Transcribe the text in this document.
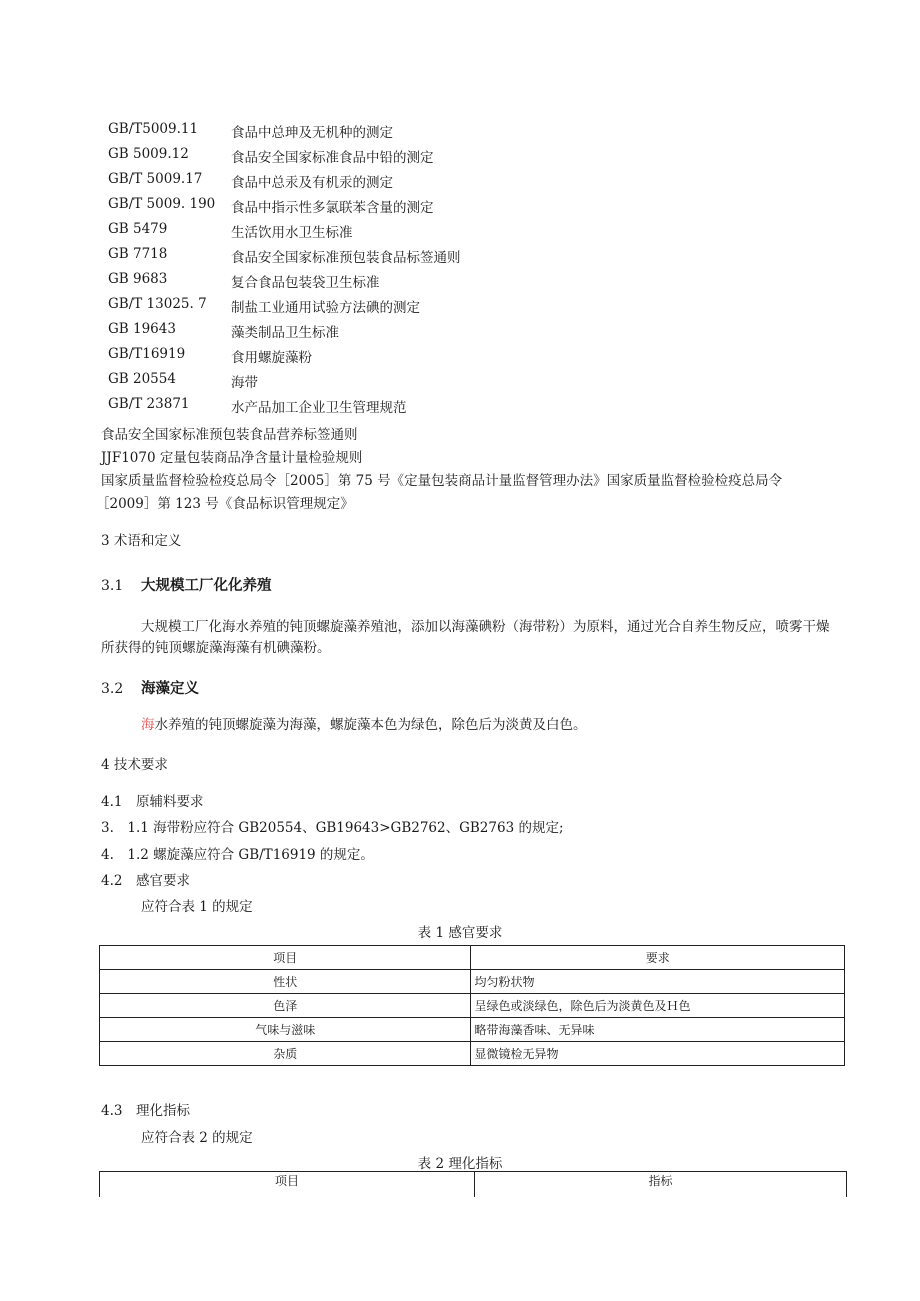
GB/T5009.11 食品中总珅及无机种的测定
GB 5009.12	食品安全国家标准食品中铅的测定
GB/T 5009.17 食品中总汞及有机汞的测定
GB/T 5009. 190 食品中指示性多氯联苯含量的测定
GB 5479	生活饮用水卫生标准
GB 7718	食品安全国家标准预包装食品标签通则
GB 9683	复合食品包装袋卫生标准
GB/T 13025. 7 制盐工业通用试验方法碘的测定
GB 19643	藻类制品卫生标准
GB/T16919	食用螺旋藻粉
GB 20554	海带
GB/T 23871	水产品加工企业卫生管理规范
食品安全国家标准预包装食品营养标签通则
JJF1070 定量包装商品净含量计量检验规则
国家质量监督检验检疫总局令［2005］第 75 号《定量包装商品计量监督管理办法》国家质量监督检验检疫总局令
［2009］第 123 号《食品标识管理规定》
3 术语和定义
3.1 大规模工厂化化养殖
大规模工厂化海水养殖的钝顶螺旋藻养殖池，添加以海藻碘粉（海带粉）为原料，通过光合自养生物反应，喷雾干燥所获得的钝顶螺旋藻海藻有机碘藻粉。
3.2 海藻定义
海水养殖的钝顶螺旋藻为海藻，螺旋藻本色为绿色，除色后为淡黄及白色。
4 技术要求
4.1　原辅料要求
3.　1.1 海带粉应符合 GB20554、GB19643>GB2762、GB2763 的规定;
4.　1.2 螺旋藻应符合 GB/T16919 的规定。
4.2　感官要求
应符合表 1 的规定
表 1 感官要求
项目	要求
性状	均匀粉状物
色泽	呈绿色或淡绿色，除色后为淡黄色及Ｈ色
气味与滋味	略带海藻香味、无异味
杂质	显微镜检无异物
4.3　理化指标
应符合表 2 的规定
表 2 理化指标
项目	指标
